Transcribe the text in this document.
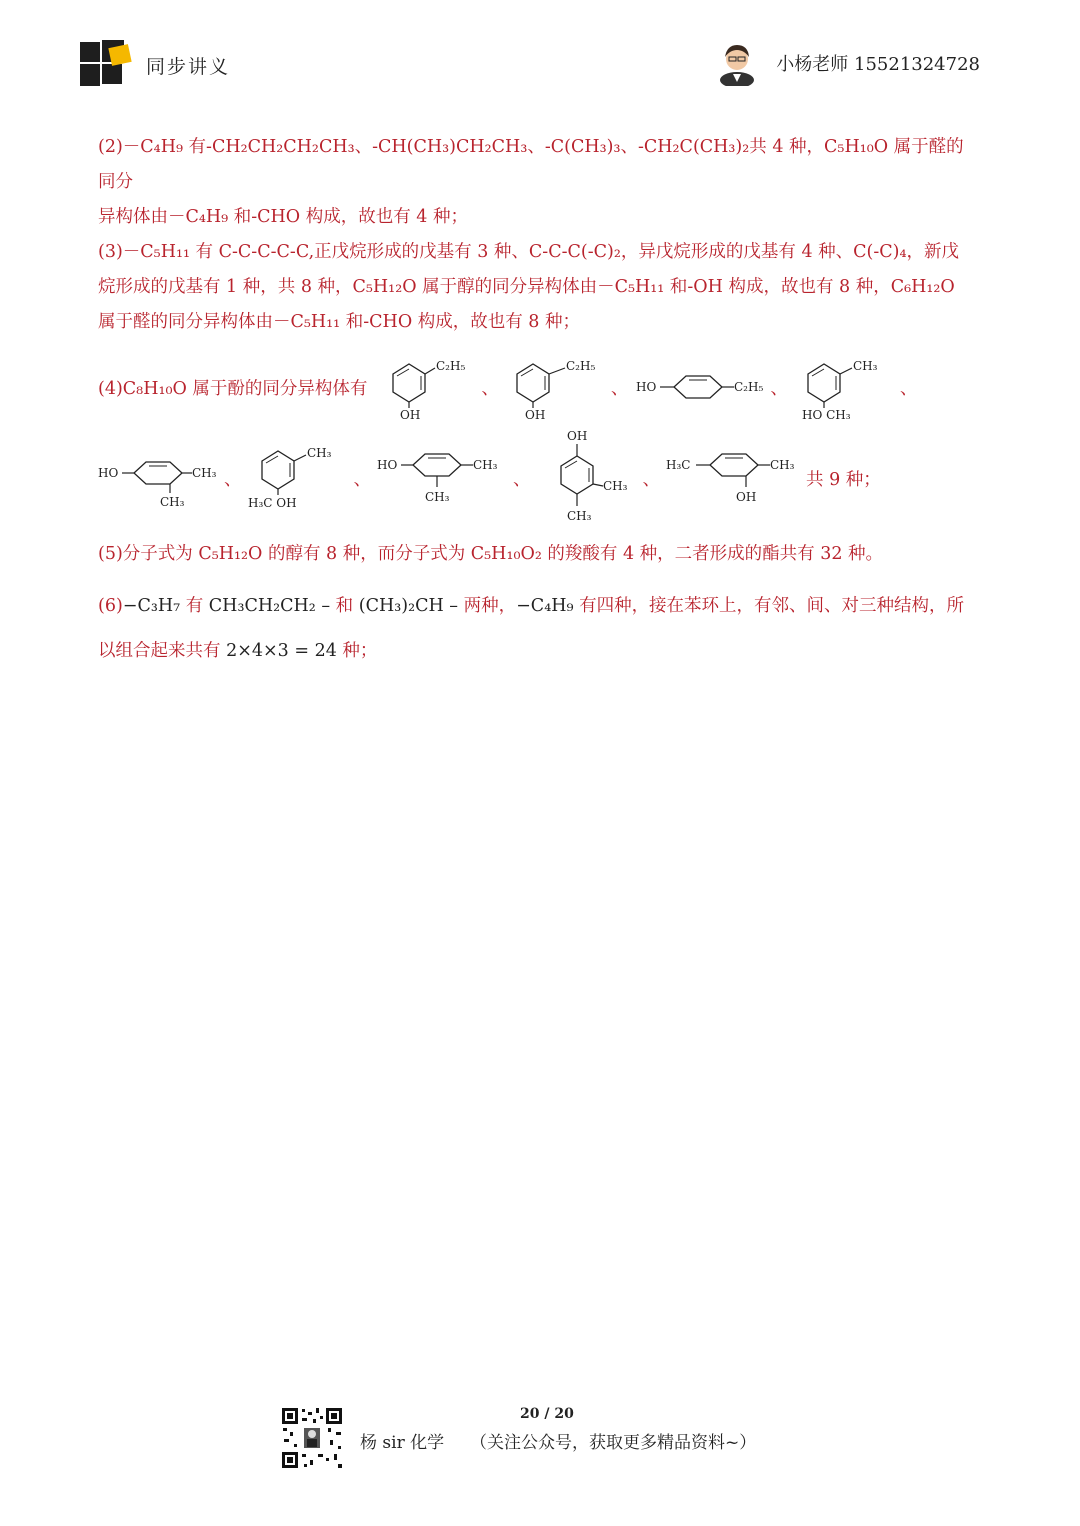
同步讲义	小杨老师 15521324728

(2)－C₄H₉ 有-CH₂CH₂CH₂CH₃、-CH(CH₃)CH₂CH₃、-C(CH₃)₃、-CH₂C(CH₃)₂共 4 种，C₅H₁₀O 属于醛的同分

异构体由－C₄H₉ 和-CHO 构成，故也有 4 种；

(3)－C₅H₁₁ 有 C-C-C-C-C,正戊烷形成的戊基有 3 种、C-C-C(-C)₂，异戊烷形成的戊基有 4 种、C(-C)₄，新戊

烷形成的戊基有 1 种，共 8 种，C₅H₁₂O 属于醇的同分异构体由－C₅H₁₁ 和-OH 构成，故也有 8 种，C₆H₁₂O

属于醛的同分异构体由－C₅H₁₁ 和-CHO 构成，故也有 8 种；

(4)C₈H₁₀O 属于酚的同分异构体有
C₂H₅
OH
、
C₂H₅
OH
、 HO	C₂H₅ 、
CH₃
HO CH₃
、
HO	CH₃
CH₃
、
CH₃
H₃C OH
、
HO	CH₃
CH₃
、
OH
CH₃
CH₃
、
H₃C	CH₃
OH
共 9 种；

(5)分子式为 C₅H₁₂O 的醇有 8 种，而分子式为 C₅H₁₀O₂ 的羧酸有 4 种，二者形成的酯共有 32 种。

(6)−C₃H₇ 有 CH₃CH₂CH₂ – 和 (CH₃)₂CH – 两种，−C₄H₉ 有四种，接在苯环上，有邻、间、对三种结构，所
以组合起来共有 2×4×3 = 24 种；

20 / 20
杨 sir 化学 （关注公众号，获取更多精品资料~）
